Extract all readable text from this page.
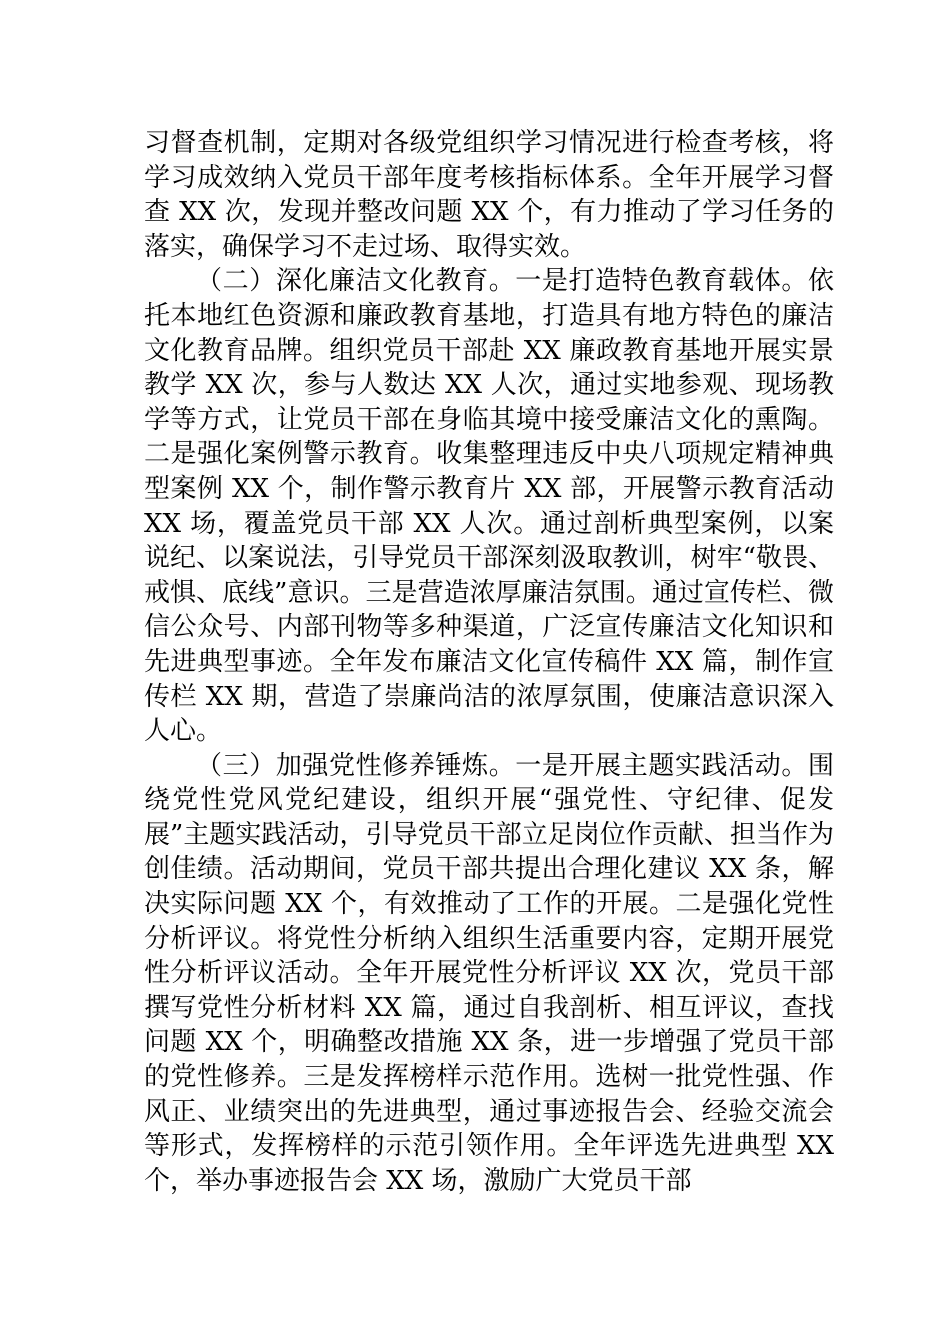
习督查机制，定期对各级党组织学习情况进行检查考核，将学习成效纳入党员干部年度考核指标体系。全年开展学习督查 XX 次，发现并整改问题 XX 个，有力推动了学习任务的落实，确保学习不走过场、取得实效。

（二）深化廉洁文化教育。一是打造特色教育载体。依托本地红色资源和廉政教育基地，打造具有地方特色的廉洁文化教育品牌。组织党员干部赴 XX 廉政教育基地开展实景教学 XX 次，参与人数达 XX 人次，通过实地参观、现场教学等方式，让党员干部在身临其境中接受廉洁文化的熏陶。二是强化案例警示教育。收集整理违反中央八项规定精神典型案例 XX 个，制作警示教育片 XX 部，开展警示教育活动 XX 场，覆盖党员干部 XX 人次。通过剖析典型案例，以案说纪、以案说法，引导党员干部深刻汲取教训，树牢“敬畏、戒惧、底线”意识。三是营造浓厚廉洁氛围。通过宣传栏、微信公众号、内部刊物等多种渠道，广泛宣传廉洁文化知识和先进典型事迹。全年发布廉洁文化宣传稿件 XX 篇，制作宣传栏 XX 期，营造了崇廉尚洁的浓厚氛围，使廉洁意识深入人心。

（三）加强党性修养锤炼。一是开展主题实践活动。围绕党性党风党纪建设，组织开展“强党性、守纪律、促发展”主题实践活动，引导党员干部立足岗位作贡献、担当作为创佳绩。活动期间，党员干部共提出合理化建议 XX 条，解决实际问题 XX 个，有效推动了工作的开展。二是强化党性分析评议。将党性分析纳入组织生活重要内容，定期开展党性分析评议活动。全年开展党性分析评议 XX 次，党员干部撰写党性分析材料 XX 篇，通过自我剖析、相互评议，查找问题 XX 个，明确整改措施 XX 条，进一步增强了党员干部的党性修养。三是发挥榜样示范作用。选树一批党性强、作风正、业绩突出的先进典型，通过事迹报告会、经验交流会等形式，发挥榜样的示范引领作用。全年评选先进典型 XX 个，举办事迹报告会 XX 场，激励广大党员干部
